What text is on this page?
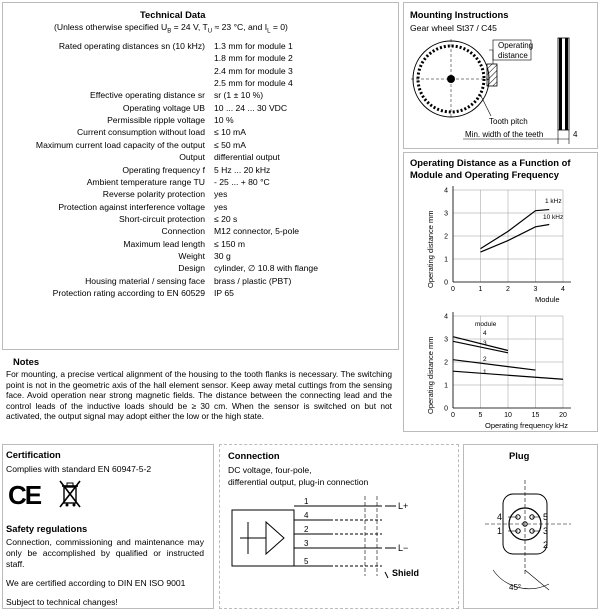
Technical Data
(Unless otherwise specified $U_B = 24$ V, $T_U \approx 23$ °C, and $I_L = 0$)
Rated operating distances sn (10 kHz) 1.3 mm for module 1
1.8 mm for module 2
2.4 mm for module 3
2.5 mm for module 4
Effective operating distance sr sr (1 ± 10 %)
Operating voltage UB 10 ... 24 ... 30 VDC
Permissible ripple voltage 10 %
Current consumption without load ≤ 10 mA
Maximum current load capacity of the output ≤ 50 mA
Output differential output
Operating frequency f 5 Hz ... 20 kHz
Ambient temperature range TU - 25 ... + 80 °C
Reverse polarity protection yes
Protection against interference voltage yes
Short-circuit protection ≤ 20 s
Connection M12 connector, 5-pole
Maximum lead length ≤ 150 m
Weight 30 g
Design cylinder, ∅ 10.8 with flange
Housing material / sensing face brass / plastic (PBT)
Protection rating according to EN 60529 IP 65
Notes
For mounting, a precise vertical alignment of the housing to the tooth flanks is necessary. The switching point is not in the geometric axis of the hall element sensor. Keep away metal cuttings from the sensing face. Avoid operation near strong magnetic fields. The distance between the connecting lead and the control leads of the inductive loads should be ≥ 30 cm. When the sensor is switched on but not activated, the output signal may adopt either the low or the high state.
Mounting Instructions
Gear wheel St37 / C45
Operating
distance
Tooth pitch
Min. width of the teeth	4
Operating Distance as a Function of
Module and Operating Frequency
0	1	2	3	4
0
1
2
3
4
Module
Operating distance mm
1 kHz
10 kHz
0	5	10	15	20
0
1
2
3
4
Operating frequency kHz
Operating distance mm
4
3
2
1
module
Certification
Complies with standard EN 60947-5-2
CE
Safety regulations
Connection, commissioning and maintenance may only be accomplished by qualified or instructed staff.
We are certified according to DIN EN ISO 9001
Subject to technical changes!
Connection
DC voltage, four-pole,
differential output, plug-in connection
1
4
2
3
5
L+
L−
Shield
Plug
4	5
1	3
2
45°
